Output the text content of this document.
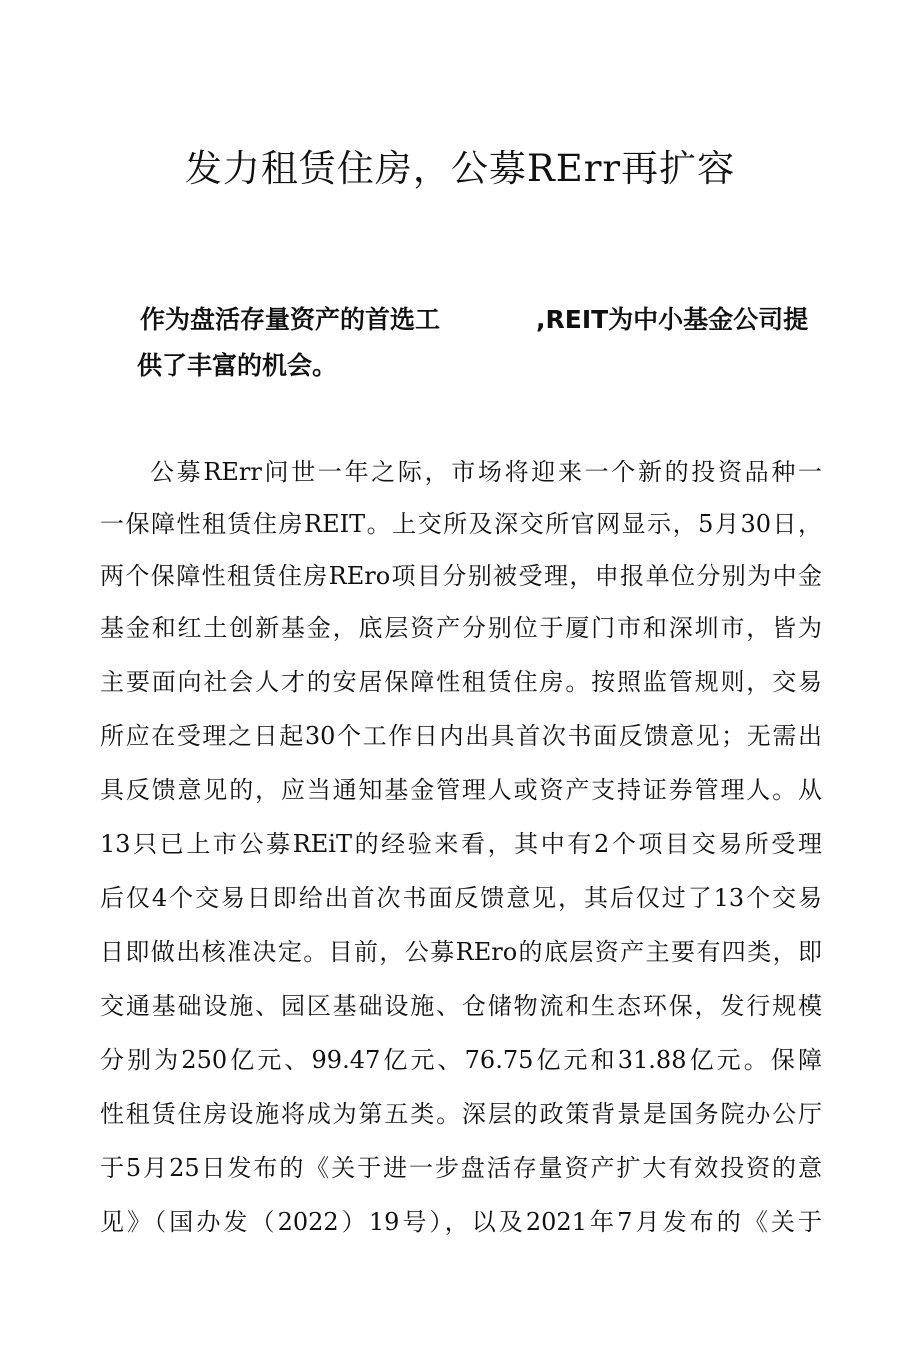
发力租赁住房，公募RErr再扩容
作为盘活存量资产的首选工	,REIT为中小基金公司提
供了丰富的机会。
公募RErr问世一年之际，市场将迎来一个新的投资品种一
一保障性租赁住房REIT。上交所及深交所官网显示，5月30日，
两个保障性租赁住房REro项目分别被受理，申报单位分别为中金
基金和红土创新基金，底层资产分别位于厦门市和深圳市，皆为
主要面向社会人才的安居保障性租赁住房。按照监管规则，交易
所应在受理之日起30个工作日内出具首次书面反馈意见；无需出
具反馈意见的，应当通知基金管理人或资产支持证券管理人。从
13只已上市公募REiT的经验来看，其中有2个项目交易所受理
后仅4个交易日即给出首次书面反馈意见，其后仅过了13个交易
日即做出核准决定。目前，公募REro的底层资产主要有四类，即
交通基础设施、园区基础设施、仓储物流和生态环保，发行规模
分别为250亿元、99.47亿元、76.75亿元和31.88亿元。保障
性租赁住房设施将成为第五类。深层的政策背景是国务院办公厅
于5月25日发布的《关于进一步盘活存量资产扩大有效投资的意
见》（国办发（2022）19号），以及2021年7月发布的《关于
